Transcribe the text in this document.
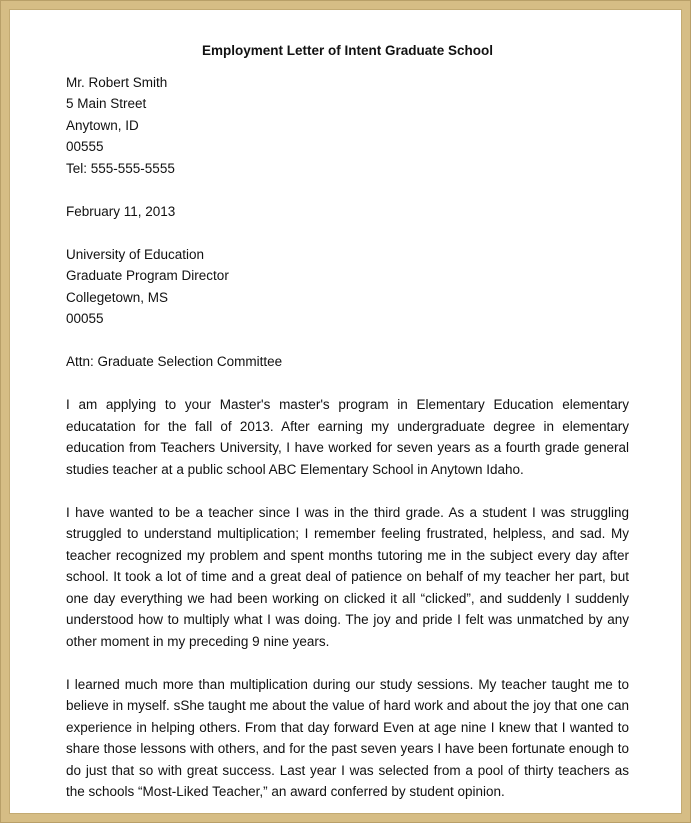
Employment Letter of Intent Graduate School
Mr. Robert Smith
5 Main Street
Anytown, ID
00555
Tel: 555-555-5555
February 11, 2013
University of Education
Graduate Program Director
Collegetown, MS
00055
Attn: Graduate Selection Committee
I am applying to your Master's master's program in Elementary Education elementary educatation for the fall of 2013. After earning my undergraduate degree in elementary education from Teachers University, I have worked for seven years as a fourth grade general studies teacher at a public school ABC Elementary School in Anytown Idaho.
I have wanted to be a teacher since I was in the third grade. As a student I was struggling struggled to understand multiplication; I remember feeling frustrated, helpless, and sad. My teacher recognized my problem and spent months tutoring me in the subject every day after school. It took a lot of time and a great deal of patience on behalf of my teacher her part, but one day everything we had been working on clicked it all “clicked”, and suddenly I suddenly understood how to multiply what I was doing. The joy and pride I felt was unmatched by any other moment in my preceding 9 nine years.
I learned much more than multiplication during our study sessions. My teacher taught me to believe in myself. sShe taught me about the value of hard work and about the joy that one can experience in helping others. From that day forward Even at age nine I knew that I wanted to share those lessons with others, and for the past seven years I have been fortunate enough to do just that so with great success. Last year I was selected from a pool of thirty teachers as the schools “Most-Liked Teacher,” an award conferred by student opinion.
